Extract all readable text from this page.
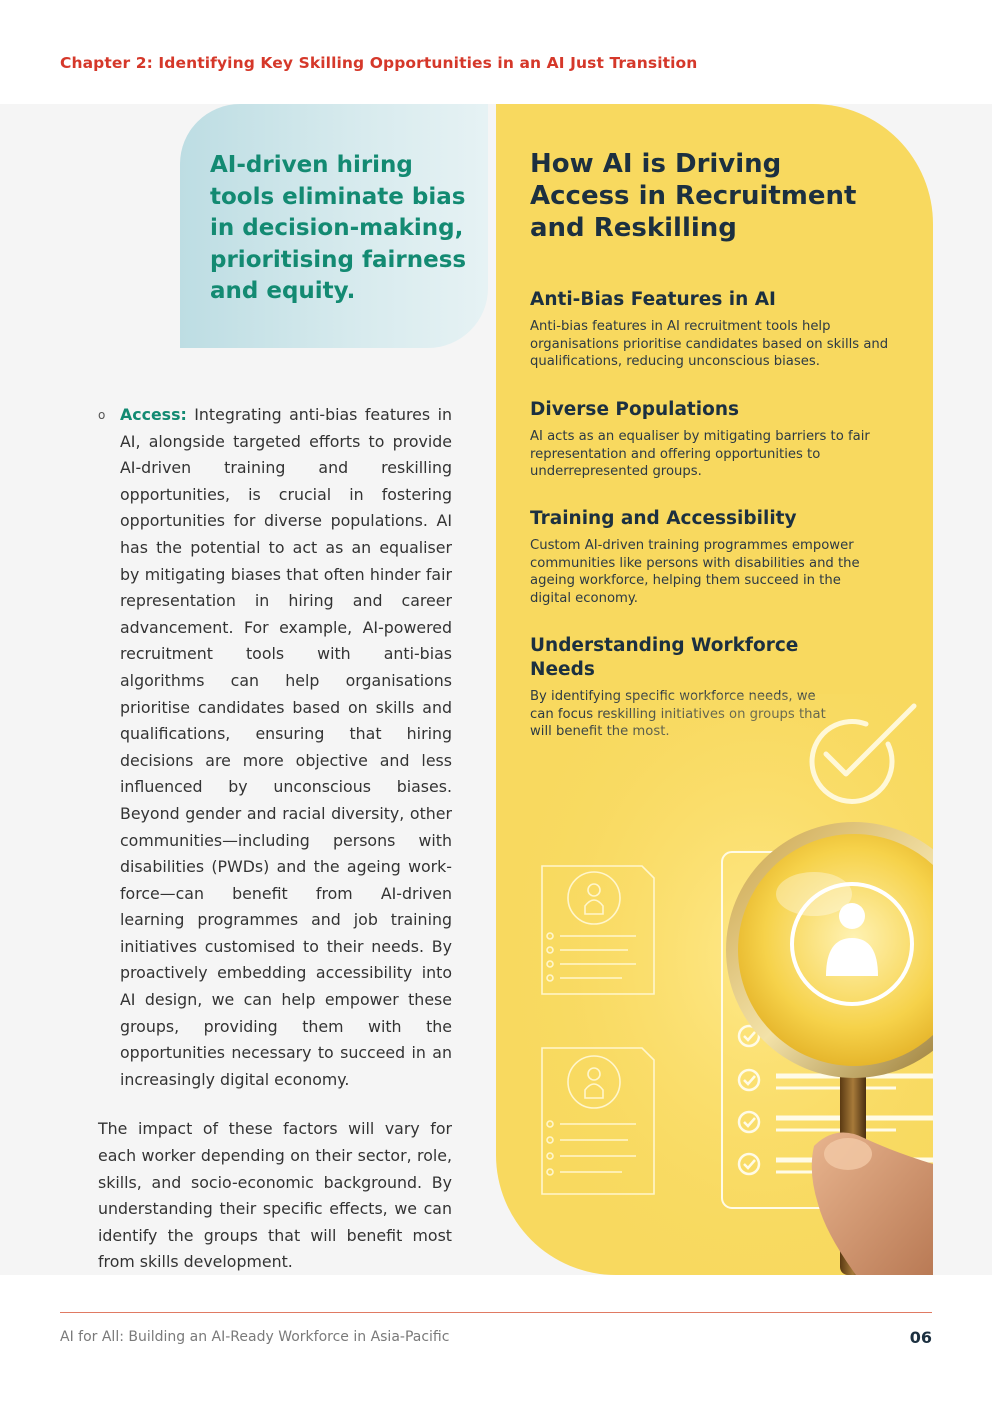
Chapter 2: Identifying Key Skilling Opportunities in an AI Just Transition
AI-driven hiring tools eliminate bias in decision-making, prioritising fairness and equity.
o Access: Integrating anti-bias features in AI, alongside targeted efforts to provide AI-driven training and reskilling opportunities, is crucial in fostering opportunities for diverse populations. AI has the potential to act as an equaliser by mitigating biases that often hinder fair representation in hiring and career advancement. For example, AI-powered recruitment tools with anti-bias algorithms can help organisations prioritise candidates based on skills and qualifications, ensuring that hiring decisions are more objective and less influenced by unconscious biases. Beyond gender and racial diversity, other communities—including persons with disabilities (PWDs) and the ageing workforce—can benefit from AI-driven learning programmes and job training initiatives customised to their needs. By proactively embedding accessibility into AI design, we can help empower these groups, providing them with the opportunities necessary to succeed in an increasingly digital economy.

The impact of these factors will vary for each worker depending on their sector, role, skills, and socio-economic background. By understanding their specific effects, we can identify the groups that will benefit most from skills development.

How AI is Driving Access in Recruitment and Reskilling
Anti-Bias Features in AI
Anti-bias features in AI recruitment tools help organisations prioritise candidates based on skills and qualifications, reducing unconscious biases.
Diverse Populations
AI acts as an equaliser by mitigating barriers to fair representation and offering opportunities to underrepresented groups.
Training and Accessibility
Custom AI-driven training programmes empower communities like persons with disabilities and the ageing workforce, helping them succeed in the digital economy.
Understanding Workforce Needs
AI for All: Building an AI-Ready Workforce in Asia-Pacific	06
